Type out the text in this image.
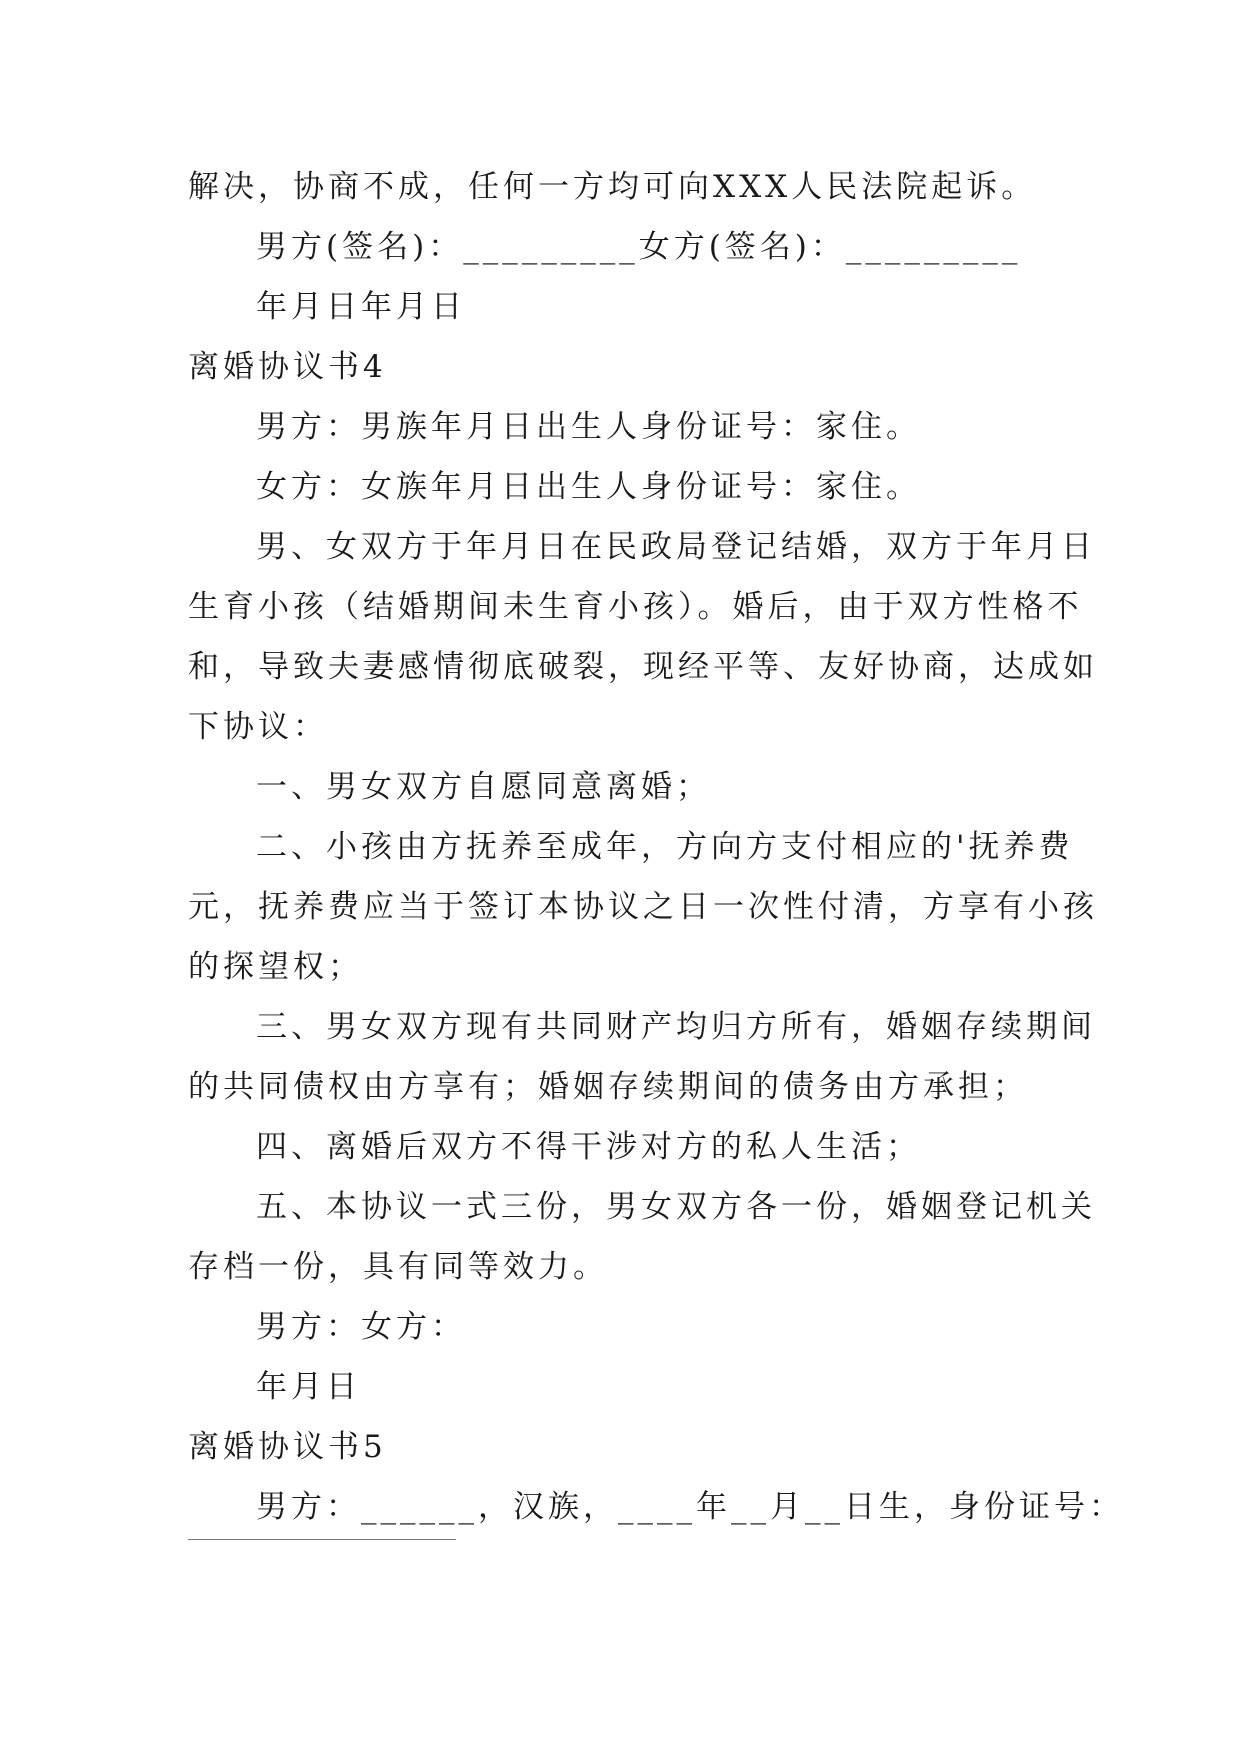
解决，协商不成，任何一方均可向XXX人民法院起诉。
男方(签名)：_________女方(签名)：_________
年月日年月日
离婚协议书4
男方：男族年月日出生人身份证号：家住。
女方：女族年月日出生人身份证号：家住。
男、女双方于年月日在民政局登记结婚，双方于年月日
生育小孩（结婚期间未生育小孩）。婚后，由于双方性格不
和，导致夫妻感情彻底破裂，现经平等、友好协商，达成如
下协议：
一、男女双方自愿同意离婚；
二、小孩由方抚养至成年，方向方支付相应的'抚养费
元，抚养费应当于签订本协议之日一次性付清，方享有小孩
的探望权；
三、男女双方现有共同财产均归方所有，婚姻存续期间
的共同债权由方享有；婚姻存续期间的债务由方承担；
四、离婚后双方不得干涉对方的私人生活；
五、本协议一式三份，男女双方各一份，婚姻登记机关
存档一份，具有同等效力。
男方：女方：
年月日
离婚协议书5
男方：______，汉族，____年__月__日生，身份证号：
